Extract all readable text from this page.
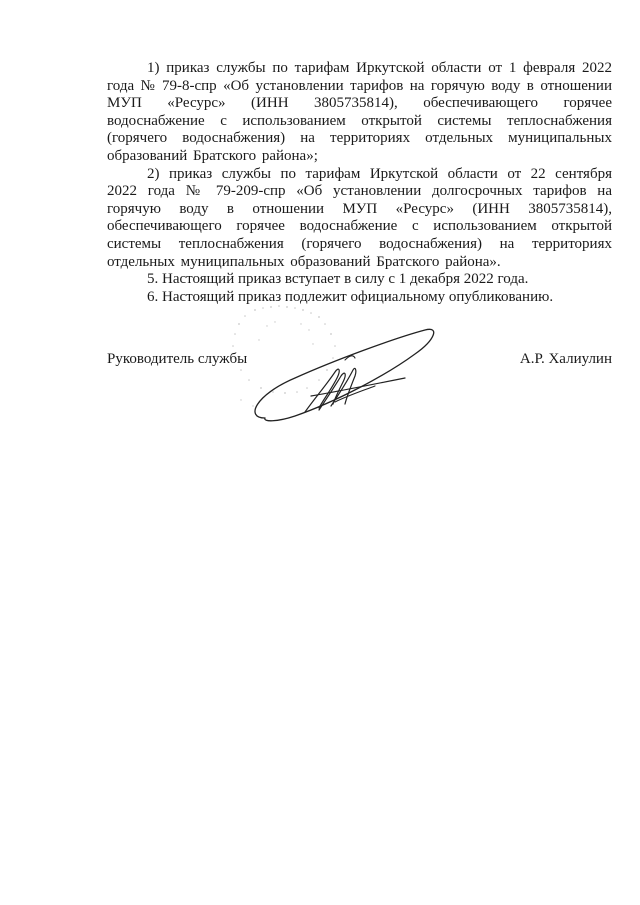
1) приказ службы по тарифам Иркутской области от 1 февраля 2022 года № 79-8-спр «Об установлении тарифов на горячую воду в отношении МУП «Ресурс» (ИНН 3805735814), обеспечивающего горячее водоснабжение с использованием открытой системы теплоснабжения (горячего водоснабжения) на территориях отдельных муниципальных образований Братского района»;

2) приказ службы по тарифам Иркутской области от 22 сентября 2022 года № 79-209-спр «Об установлении долгосрочных тарифов на горячую воду в отношении МУП «Ресурс» (ИНН 3805735814), обеспечивающего горячее водоснабжение с использованием открытой системы теплоснабжения (горячего водоснабжения) на территориях отдельных муниципальных образований Братского района».

5. Настоящий приказ вступает в силу с 1 декабря 2022 года.

6. Настоящий приказ подлежит официальному опубликованию.

Руководитель службы	А.Р. Халиулин
